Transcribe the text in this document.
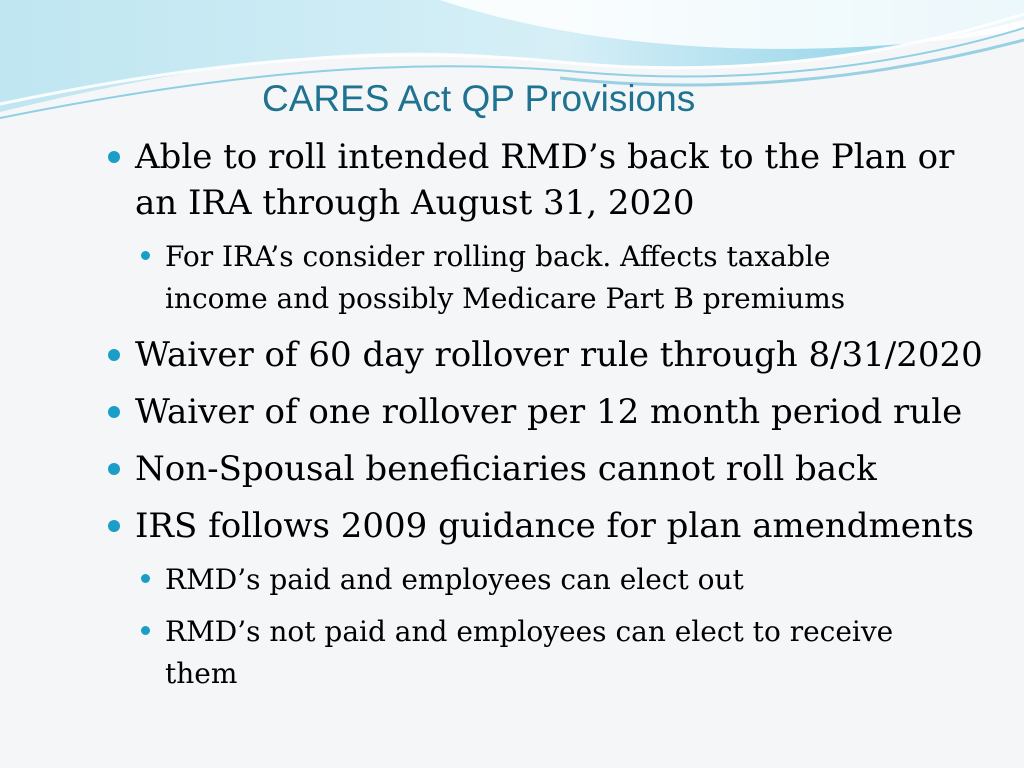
CARES Act QP Provisions
Able to roll intended RMD’s back to the Plan or
an IRA through August 31, 2020
For IRA’s consider rolling back. Affects taxable
income and possibly Medicare Part B premiums
Waiver of 60 day rollover rule through 8/31/2020
Waiver of one rollover per 12 month period rule
Non-Spousal beneficiaries cannot roll back
IRS follows 2009 guidance for plan amendments
RMD’s paid and employees can elect out
RMD’s not paid and employees can elect to receive
them
